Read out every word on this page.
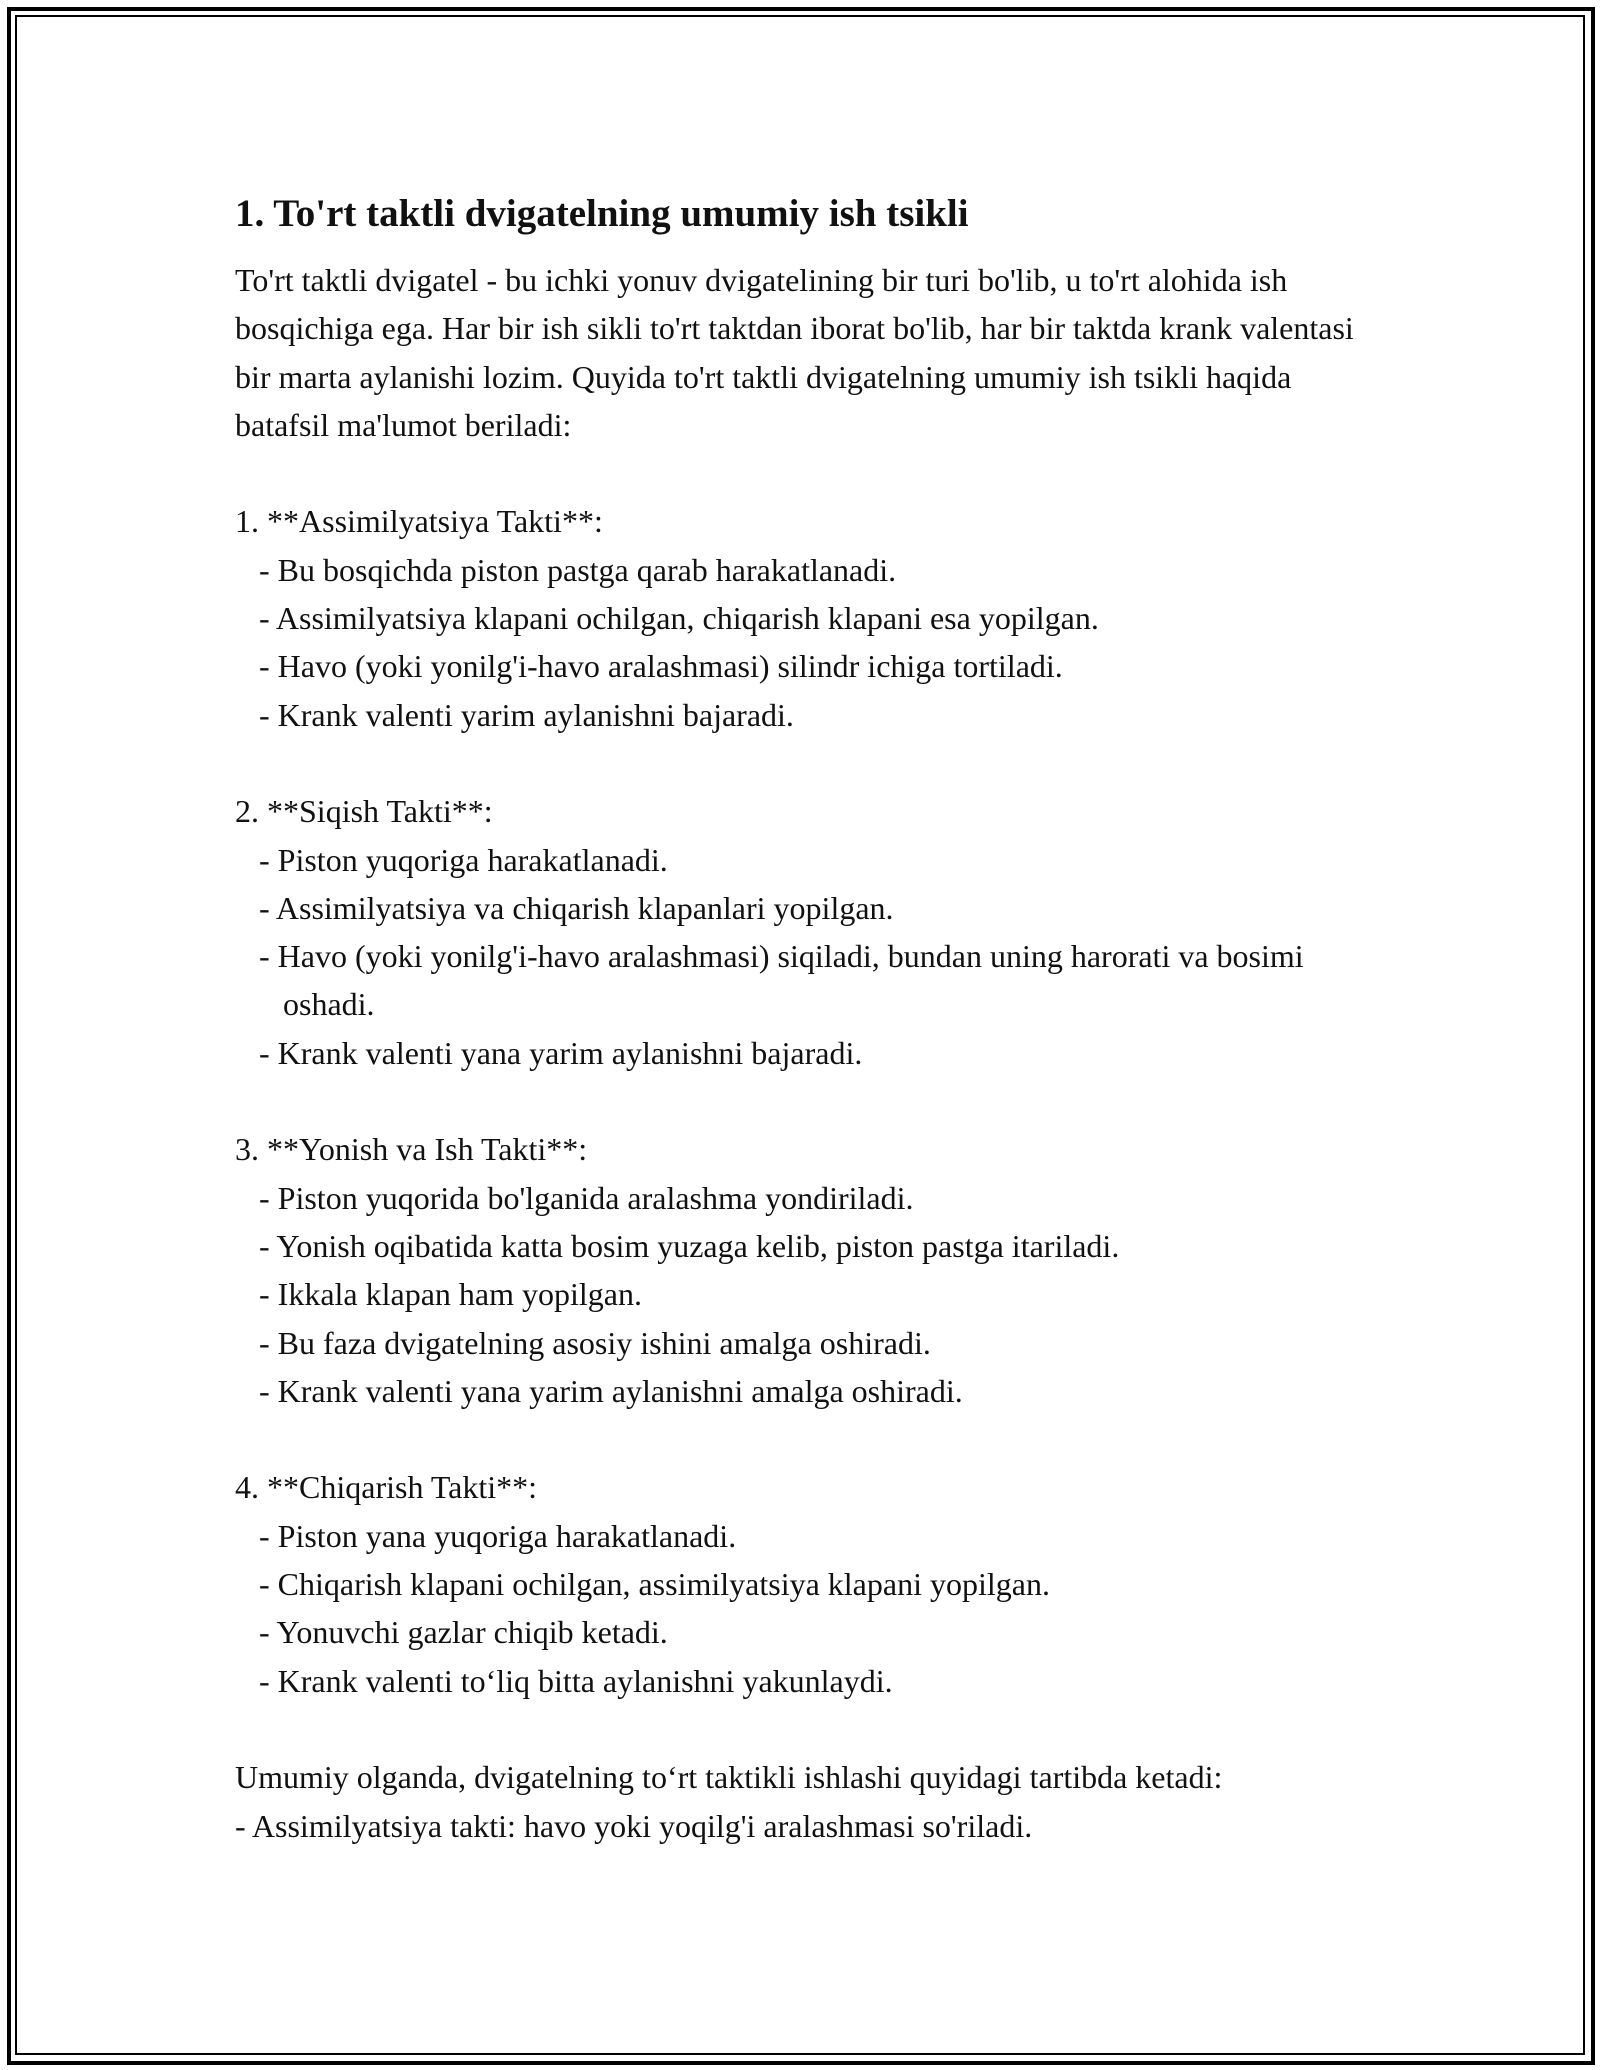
1. To'rt taktli dvigatelning umumiy ish tsikli

To'rt taktli dvigatel - bu ichki yonuv dvigatelining bir turi bo'lib, u to'rt alohida ish bosqichiga ega. Har bir ish sikli to'rt taktdan iborat bo'lib, har bir taktda krank valentasi bir marta aylanishi lozim. Quyida to'rt taktli dvigatelning umumiy ish tsikli haqida batafsil ma'lumot beriladi:

1. **Assimilyatsiya Takti**:

- Bu bosqichda piston pastga qarab harakatlanadi.

- Assimilyatsiya klapani ochilgan, chiqarish klapani esa yopilgan.

- Havo (yoki yonilg'i-havo aralashmasi) silindr ichiga tortiladi.

- Krank valenti yarim aylanishni bajaradi.

2. **Siqish Takti**:

- Piston yuqoriga harakatlanadi.

- Assimilyatsiya va chiqarish klapanlari yopilgan.

- Havo (yoki yonilg'i-havo aralashmasi) siqiladi, bundan uning harorati va bosimi oshadi.

- Krank valenti yana yarim aylanishni bajaradi.

3. **Yonish va Ish Takti**:

- Piston yuqorida bo'lganida aralashma yondiriladi.

- Yonish oqibatida katta bosim yuzaga kelib, piston pastga itariladi.

- Ikkala klapan ham yopilgan.

- Bu faza dvigatelning asosiy ishini amalga oshiradi.

- Krank valenti yana yarim aylanishni amalga oshiradi.

4. **Chiqarish Takti**:

- Piston yana yuqoriga harakatlanadi.

- Chiqarish klapani ochilgan, assimilyatsiya klapani yopilgan.

- Yonuvchi gazlar chiqib ketadi.

- Krank valenti to‘liq bitta aylanishni yakunlaydi.

Umumiy olganda, dvigatelning to‘rt taktikli ishlashi quyidagi tartibda ketadi:

- Assimilyatsiya takti: havo yoki yoqilg'i aralashmasi so'riladi.
